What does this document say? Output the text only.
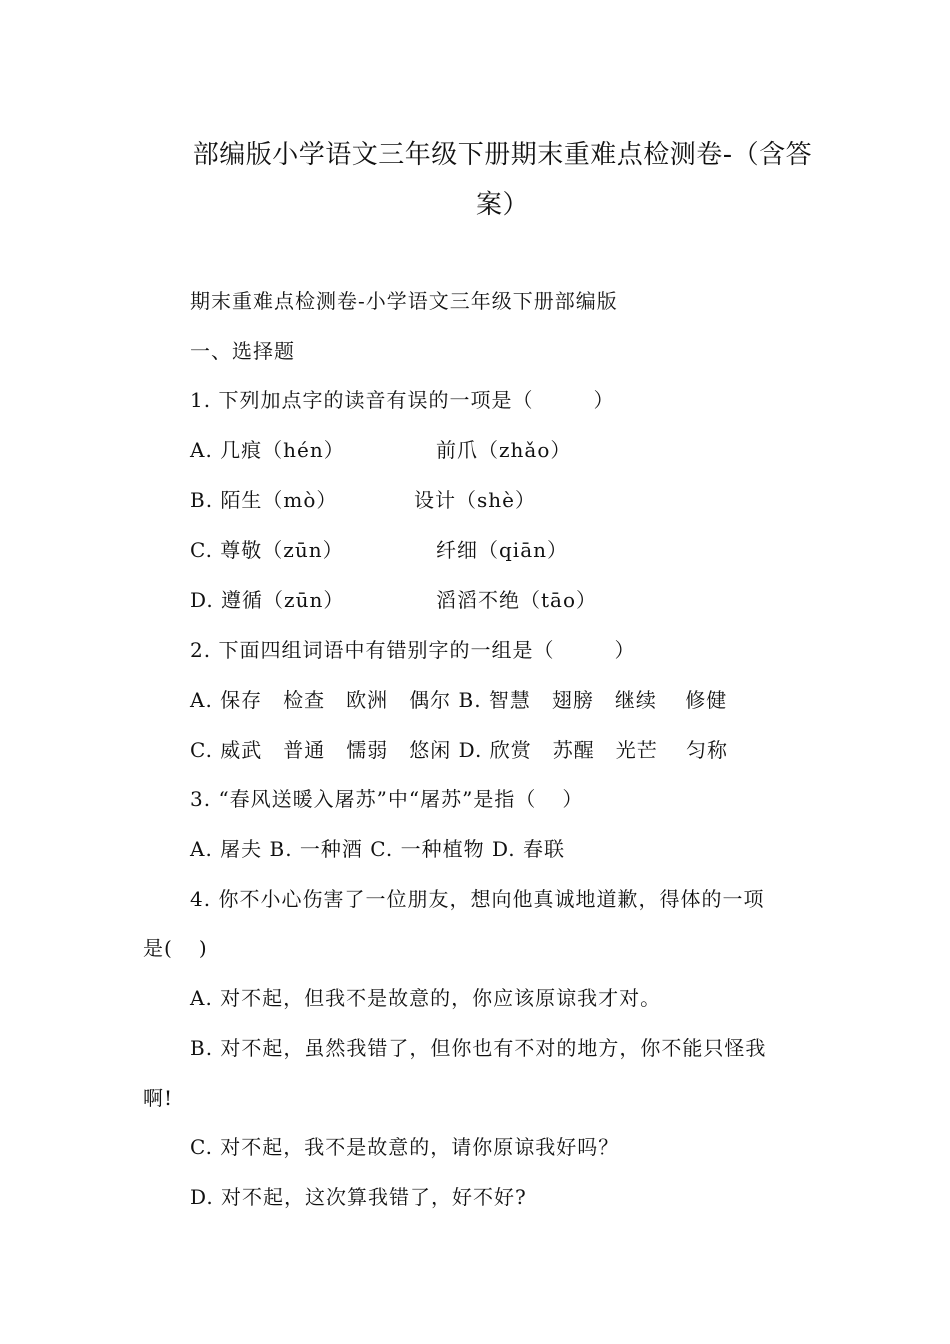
部编版小学语文三年级下册期末重难点检测卷-（含答
案）
期末重难点检测卷-小学语文三年级下册部编版
一、选择题
1. 下列加点字的读音有误的一项是（	）
A. 几痕（hén）	前爪（zhǎo）
B. 陌生（mò）	设计（shè）
C. 尊敬（zūn）	纤细（qiān）
D. 遵循（zūn）	滔滔不绝（tāo）
2. 下面四组词语中有错别字的一组是（	）
A. 保存　检查　欧洲　偶尔 B. 智慧　翅膀　继续　 修健
C. 威武　普通　懦弱　悠闲 D. 欣赏　苏醒　光芒　 匀称
3. “春风送暖入屠苏”中“屠苏”是指（ ）
A. 屠夫 B. 一种酒 C. 一种植物 D. 春联
4. 你不小心伤害了一位朋友，想向他真诚地道歉，得体的一项
是( )
A. 对不起，但我不是故意的，你应该原谅我才对。
B. 对不起，虽然我错了，但你也有不对的地方，你不能只怪我
啊!
C. 对不起，我不是故意的，请你原谅我好吗？
D. 对不起，这次算我错了，好不好?
